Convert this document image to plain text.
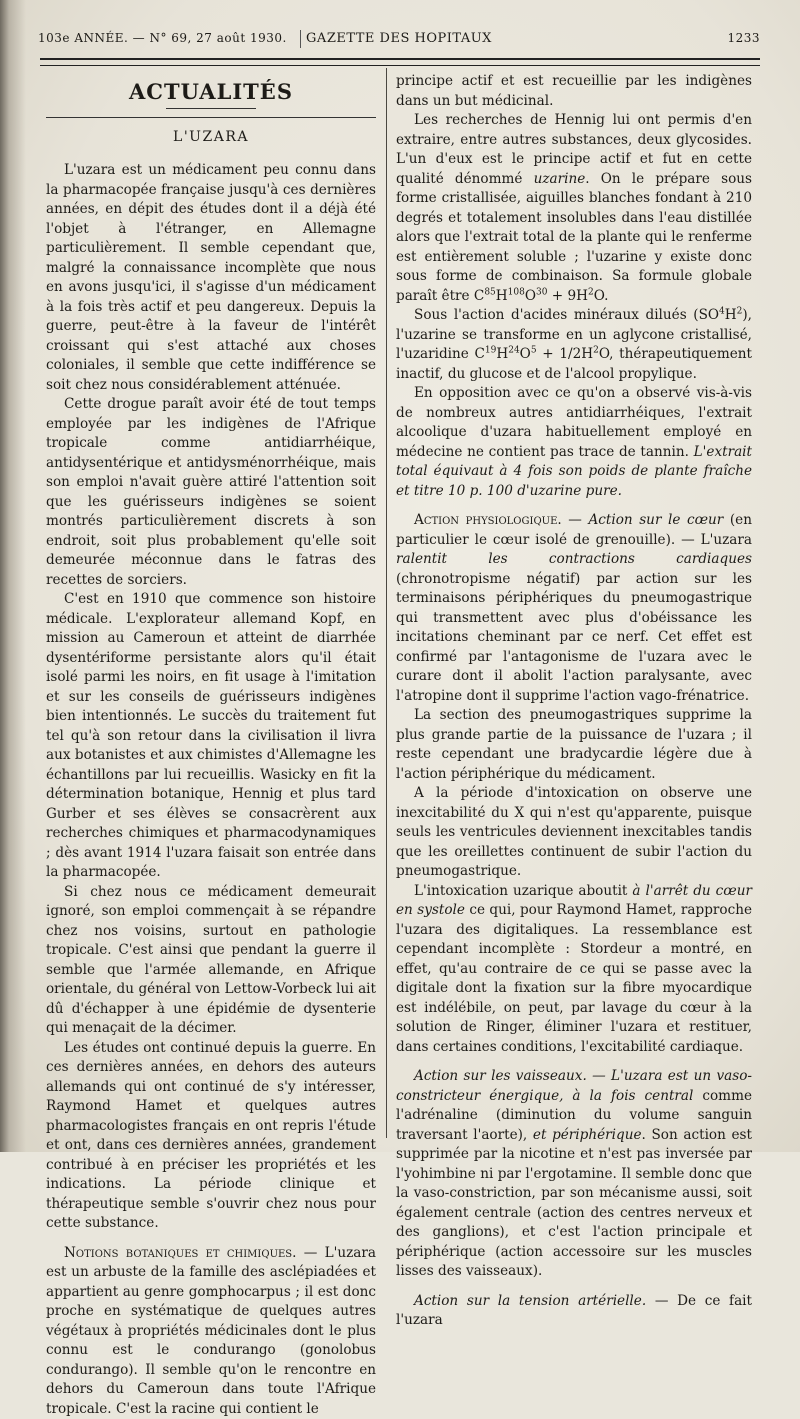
103e ANNÉE. — N° 69, 27 août 1930.	GAZETTE DES HOPITAUX	1233
ACTUALITÉS
L'UZARA

L'uzara est un médicament peu connu dans la pharmacopée française jusqu'à ces dernières années, en dépit des études dont il a déjà été l'objet à l'étranger, en Allemagne particulièrement. Il semble cependant que, malgré la connaissance incomplète que nous en avons jusqu'ici, il s'agisse d'un médicament à la fois très actif et peu dangereux. Depuis la guerre, peut-être à la faveur de l'intérêt croissant qui s'est attaché aux choses coloniales, il semble que cette indifférence se soit chez nous considérablement atténuée.

Cette drogue paraît avoir été de tout temps employée par les indigènes de l'Afrique tropicale comme antidiarrhéique, antidysentérique et antidysménorrhéique, mais son emploi n'avait guère attiré l'attention soit que les guérisseurs indigènes se soient montrés particulièrement discrets à son endroit, soit plus probablement qu'elle soit demeurée méconnue dans le fatras des recettes de sorciers.

C'est en 1910 que commence son histoire médicale. L'explorateur allemand Kopf, en mission au Cameroun et atteint de diarrhée dysentériforme persistante alors qu'il était isolé parmi les noirs, en fit usage à l'imitation et sur les conseils de guérisseurs indigènes bien intentionnés. Le succès du traitement fut tel qu'à son retour dans la civilisation il livra aux botanistes et aux chimistes d'Allemagne les échantillons par lui recueillis. Wasicky en fit la détermination botanique, Hennig et plus tard Gurber et ses élèves se consacrèrent aux recherches chimiques et pharmacodynamiques ; dès avant 1914 l'uzara faisait son entrée dans la pharmacopée.

Si chez nous ce médicament demeurait ignoré, son emploi commençait à se répandre chez nos voisins, surtout en pathologie tropicale. C'est ainsi que pendant la guerre il semble que l'armée allemande, en Afrique orientale, du général von Lettow-Vorbeck lui ait dû d'échapper à une épidémie de dysenterie qui menaçait de la décimer.

Les études ont continué depuis la guerre. En ces dernières années, en dehors des auteurs allemands qui ont continué de s'y intéresser, Raymond Hamet et quelques autres pharmacologistes français en ont repris l'étude et ont, dans ces dernières années, grandement contribué à en préciser les propriétés et les indications. La période clinique et thérapeutique semble s'ouvrir chez nous pour cette substance.

Notions botaniques et chimiques. — L'uzara est un arbuste de la famille des asclépiadées et appartient au genre gomphocarpus ; il est donc proche en systématique de quelques autres végétaux à propriétés médicinales dont le plus connu est le condurango (gonolobus condurango). Il semble qu'on le rencontre en dehors du Cameroun dans toute l'Afrique tropicale. C'est la racine qui contient le

principe actif et est recueillie par les indigènes dans un but médicinal.

Les recherches de Hennig lui ont permis d'en extraire, entre autres substances, deux glycosides. L'un d'eux est le principe actif et fut en cette qualité dénommé uzarine. On le prépare sous forme cristallisée, aiguilles blanches fondant à 210 degrés et totalement insolubles dans l'eau distillée alors que l'extrait total de la plante qui le renferme est entièrement soluble ; l'uzarine y existe donc sous forme de combinaison. Sa formule globale paraît être $C^{85}H^{108}O^{30} + 9H^2O$.

Sous l'action d'acides minéraux dilués $(SO^4H^2)$, l'uzarine se transforme en un aglycone cristallisé, l'uzaridine $C^{19}H^{24}O^5 + 1/2H^2O$, thérapeutiquement inactif, du glucose et de l'alcool propylique.

En opposition avec ce qu'on a observé vis-à-vis de nombreux autres antidiarrhéiques, l'extrait alcoolique d'uzara habituellement employé en médecine ne contient pas trace de tannin. L'extrait total équivaut à 4 fois son poids de plante fraîche et titre 10 p. 100 d'uzarine pure.

Action physiologique. — Action sur le cœur (en particulier le cœur isolé de grenouille). — L'uzara ralentit les contractions cardiaques (chronotropisme négatif) par action sur les terminaisons périphériques du pneumogastrique qui transmettent avec plus d'obéissance les incitations cheminant par ce nerf. Cet effet est confirmé par l'antagonisme de l'uzara avec le curare dont il abolit l'action paralysante, avec l'atropine dont il supprime l'action vago-frénatrice.

La section des pneumogastriques supprime la plus grande partie de la puissance de l'uzara ; il reste cependant une bradycardie légère due à l'action périphérique du médicament.

A la période d'intoxication on observe une inexcitabilité du X qui n'est qu'apparente, puisque seuls les ventricules deviennent inexcitables tandis que les oreillettes continuent de subir l'action du pneumogastrique.

L'intoxication uzarique aboutit à l'arrêt du cœur en systole ce qui, pour Raymond Hamet, rapproche l'uzara des digitaliques. La ressemblance est cependant incomplète : Stordeur a montré, en effet, qu'au contraire de ce qui se passe avec la digitale dont la fixation sur la fibre myocardique est indélébile, on peut, par lavage du cœur à la solution de Ringer, éliminer l'uzara et restituer, dans certaines conditions, l'excitabilité cardiaque.

Action sur les vaisseaux. — L'uzara est un vaso-constricteur énergique, à la fois central comme l'adrénaline (diminution du volume sanguin traversant l'aorte), et périphérique. Son action est supprimée par la nicotine et n'est pas inversée par l'yohimbine ni par l'ergotamine. Il semble donc que la vaso-constriction, par son mécanisme aussi, soit également centrale (action des centres nerveux et des ganglions), et c'est l'action principale et périphérique (action accessoire sur les muscles lisses des vaisseaux).

Action sur la tension artérielle. — De ce fait l'uzara
